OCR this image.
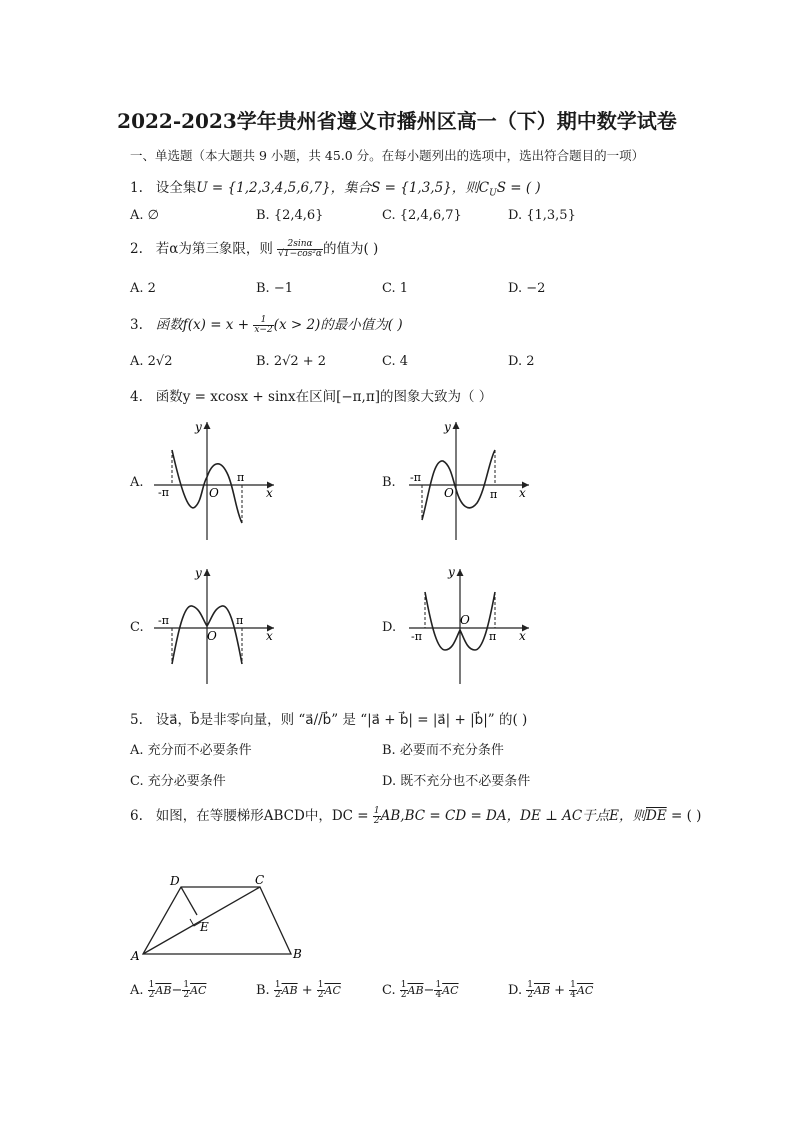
2022-2023学年贵州省遵义市播州区高一（下）期中数学试卷
一、单选题（本大题共 9 小题，共 45.0 分。在每小题列出的选项中，选出符合题目的一项）
1. 设全集U = {1,2,3,4,5,6,7}，集合S = {1,3,5}，则$C_US$ = ( )
A. ∅	B. {2,4,6}	C. {2,4,6,7}	D. {1,3,5}
2. 若α为第三象限，则 $\frac{2\sin\alpha}{\text{√1−cos²α}}$ 的值为( )
A. 2	B. −1	C. 1	D. −2
3. 函数$f(x) = x + \frac{1}{x-2} (x > 2)$的最小值为( )
A. 2√2	B. 2√2 + 2	C. 4	D. 2
4. 函数y = xcosx + sinx在区间[−π,π]的图象大致为（ ）
A.	B.
C.	D.
y
x
O
-π
π
y
x
O
-π
π
y
x
O
-π	π
y
x
O
-π	π
5. 设a⃗，b⃗是非零向量，则 “a⃗//b⃗” 是 “|a⃗ + b⃗| = |a⃗| + |b⃗|” 的( )
A. 充分而不必要条件	B. 必要而不充分条件
C. 充分必要条件	D. 既不充分也不必要条件
6. 如图，在等腰梯形ABCD中，DC = $\frac{1}{2} AB,BC$ = CD = DA，DE ⊥ AC于点E，则$\overline{DE}$ = ( )
A	B
C
D
E
A. $\frac{1}{2} \overline{AB}- \frac{1}{2} \overline{AC}$	B. $\frac{1}{2} \overline{AB} + \frac{1}{2} \overline{AC}$	C. $\frac{1}{2} \overline{AB}- \frac{1}{4} \overline{AC}$	D. $\frac{1}{2} \overline{AB} + \frac{1}{4} \overline{AC}$
